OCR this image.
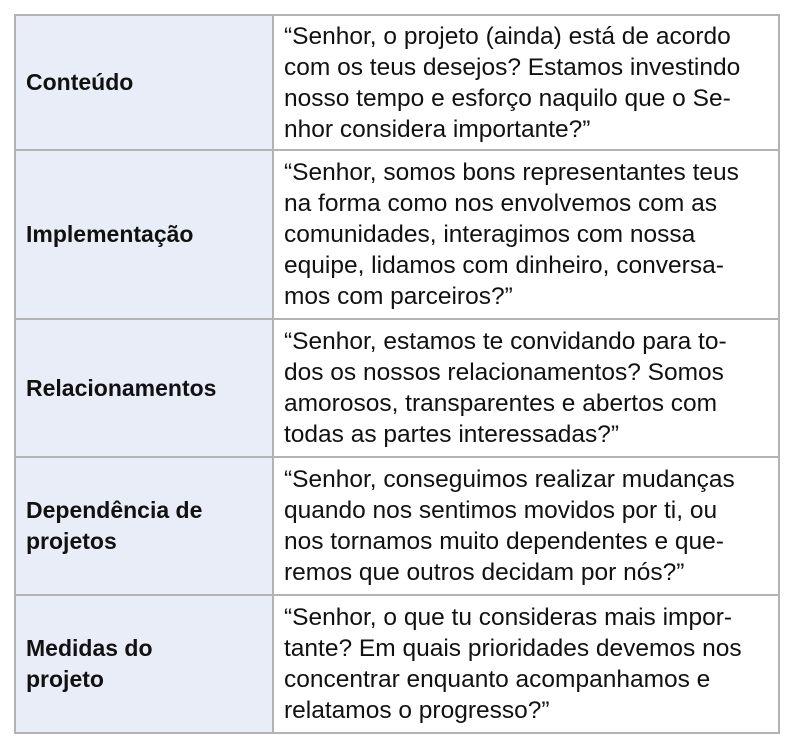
Conteúdo	“Senhor, o projeto (ainda) está de acordo
com os teus desejos? Estamos investindo
nosso tempo e esforço naquilo que o Se-
nhor considera importante?”

Implementação	“Senhor, somos bons representantes teus
na forma como nos envolvemos com as
comunidades, interagimos com nossa
equipe, lidamos com dinheiro, conversa-
mos com parceiros?”

Relacionamentos	“Senhor, estamos te convidando para to-
dos os nossos relacionamentos? Somos
amorosos, transparentes e abertos com
todas as partes interessadas?”

Dependência de
projetos	“Senhor, conseguimos realizar mudanças
quando nos sentimos movidos por ti, ou
nos tornamos muito dependentes e que-
remos que outros decidam por nós?”

Medidas do
projeto	“Senhor, o que tu consideras mais impor-
tante? Em quais prioridades devemos nos
concentrar enquanto acompanhamos e
relatamos o progresso?”
